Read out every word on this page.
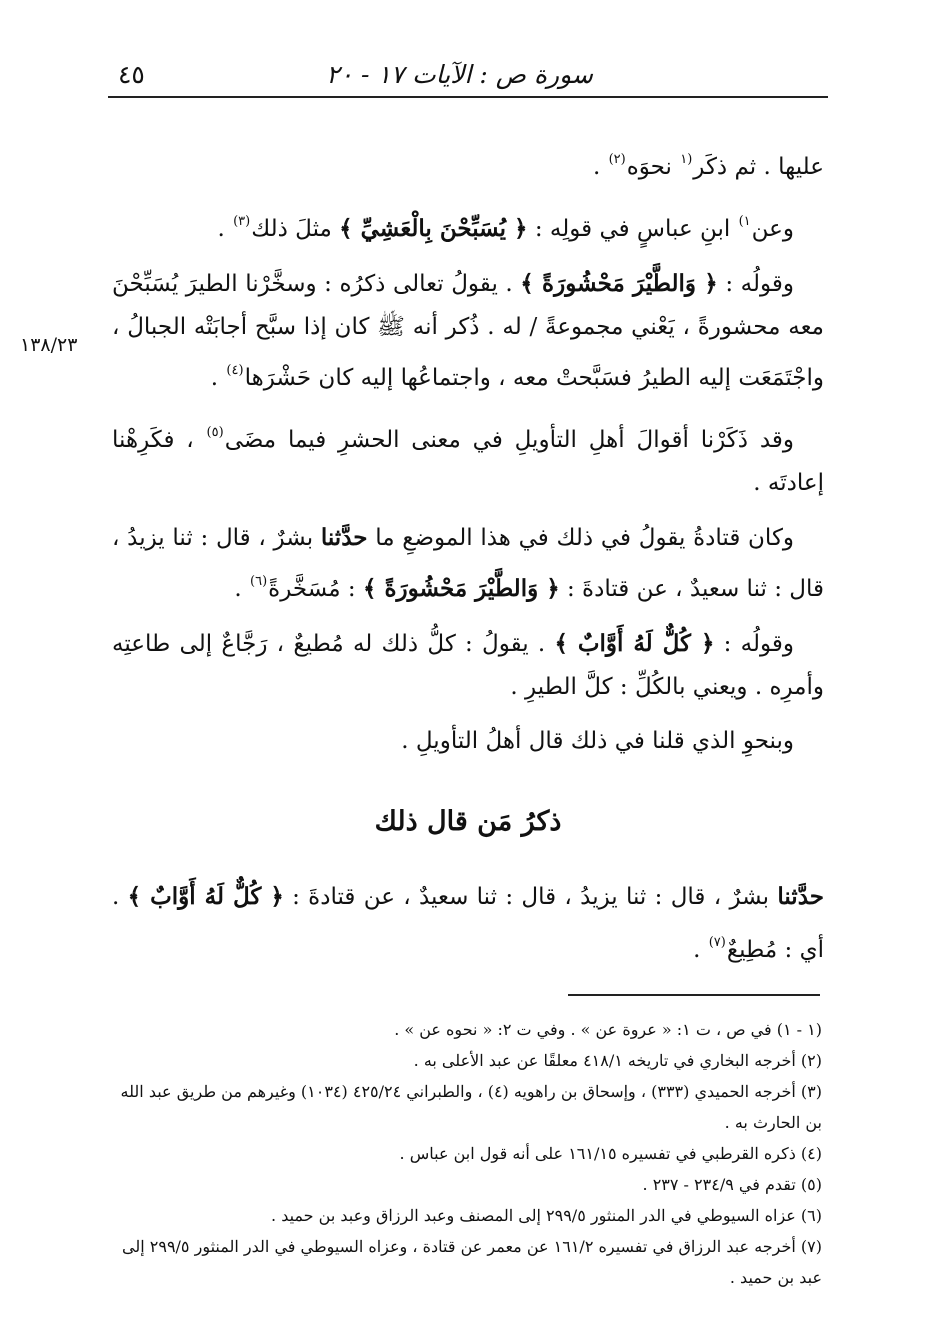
سورة ص : الآيات ١٧ - ٢٠
٤٥
١٣٨/٢٣

عليها . ثم ذكَر$^{(١}$ نحوَه$^{(٢)}$ .

وعن$^{١)}$ ابنِ عباسٍ في قولِه : ﴿ يُسَبِّحْنَ بِالْعَشِيِّ ﴾ مثلَ ذلك$^{(٣)}$ .

وقولُه : ﴿ وَالطَّيْرَ مَحْشُورَةً ﴾ . يقولُ تعالى ذكرُه : وسخَّرْنا الطيرَ يُسَبِّحْنَ معه محشورةً ، يَعْني مجموعةً / له . ذُكر أنه ﷺ كان إذا سبَّح أجابَتْه الجبالُ ، واجْتَمَعَت إليه الطيرُ فسَبَّحتْ معه ، واجتماعُها إليه كان حَشْرَها$^{(٤)}$ .

وقد ذَكَرْنا أقوالَ أهلِ التأويلِ في معنى الحشرِ فيما مضَى$^{(٥)}$ ، فكَرِهْنا إعادتَه .

وكان قتادةُ يقولُ في ذلك في هذا الموضعِ ما حدَّثنا بشرٌ ، قال : ثنا يزيدُ ، قال : ثنا سعيدٌ ، عن قتادةَ : ﴿ وَالطَّيْرَ مَحْشُورَةً ﴾ : مُسَخَّرةً$^{(٦)}$ .

وقولُه : ﴿ كُلٌّ لَهُ أَوَّابٌ ﴾ . يقولُ : كلُّ ذلك له مُطيعٌ ، رَجَّاعٌ إلى طاعتِه وأمرِه . ويعني بالكُلِّ : كلَّ الطيرِ .

وبنحوِ الذي قلنا في ذلك قال أهلُ التأويلِ .

ذكرُ مَن قال ذلك

حدَّثنا بشرٌ ، قال : ثنا يزيدُ ، قال : ثنا سعيدٌ ، عن قتادةَ : ﴿ كُلٌّ لَهُ أَوَّابٌ ﴾ . أي : مُطِيعٌ$^{(٧)}$ .

(١ - ١) في ص ، ت ١: « عروة عن » . وفي ت ٢: « نحوه عن » .

(٢) أخرجه البخاري في تاريخه ٤١٨/١ معلقًا عن عبد الأعلى به .

(٣) أخرجه الحميدي (٣٣٣) ، وإسحاق بن راهويه (٤) ، والطبراني ٤٢٥/٢٤ (١٠٣٤) وغيرهم من طريق عبد الله بن الحارث به .

(٤) ذكره القرطبي في تفسيره ١٦١/١٥ على أنه قول ابن عباس .

(٥) تقدم في ٢٣٤/٩ - ٢٣٧ .

(٦) عزاه السيوطي في الدر المنثور ٢٩٩/٥ إلى المصنف وعبد الرزاق وعبد بن حميد .

(٧) أخرجه عبد الرزاق في تفسيره ١٦١/٢ عن معمر عن قتادة ، وعزاه السيوطي في الدر المنثور ٢٩٩/٥ إلى عبد بن حميد .
